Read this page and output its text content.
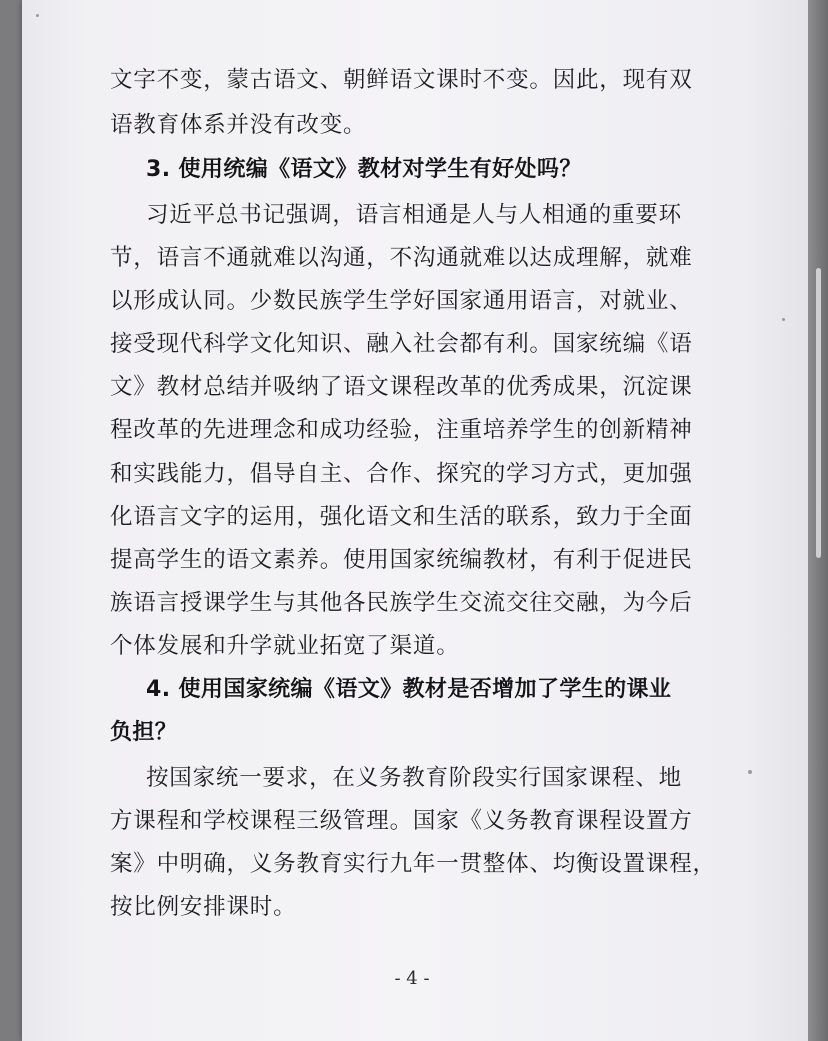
文字不变，蒙古语文、朝鲜语文课时不变。因此，现有双

语教育体系并没有改变。

3. 使用统编《语文》教材对学生有好处吗？

习近平总书记强调，语言相通是人与人相通的重要环

节，语言不通就难以沟通，不沟通就难以达成理解，就难

以形成认同。少数民族学生学好国家通用语言，对就业、

接受现代科学文化知识、融入社会都有利。国家统编《语

文》教材总结并吸纳了语文课程改革的优秀成果，沉淀课

程改革的先进理念和成功经验，注重培养学生的创新精神

和实践能力，倡导自主、合作、探究的学习方式，更加强

化语言文字的运用，强化语文和生活的联系，致力于全面

提高学生的语文素养。使用国家统编教材，有利于促进民

族语言授课学生与其他各民族学生交流交往交融，为今后

个体发展和升学就业拓宽了渠道。

4. 使用国家统编《语文》教材是否增加了学生的课业

负担？

按国家统一要求，在义务教育阶段实行国家课程、地

方课程和学校课程三级管理。国家《义务教育课程设置方

案》中明确，义务教育实行九年一贯整体、均衡设置课程，

按比例安排课时。

- 4 -
